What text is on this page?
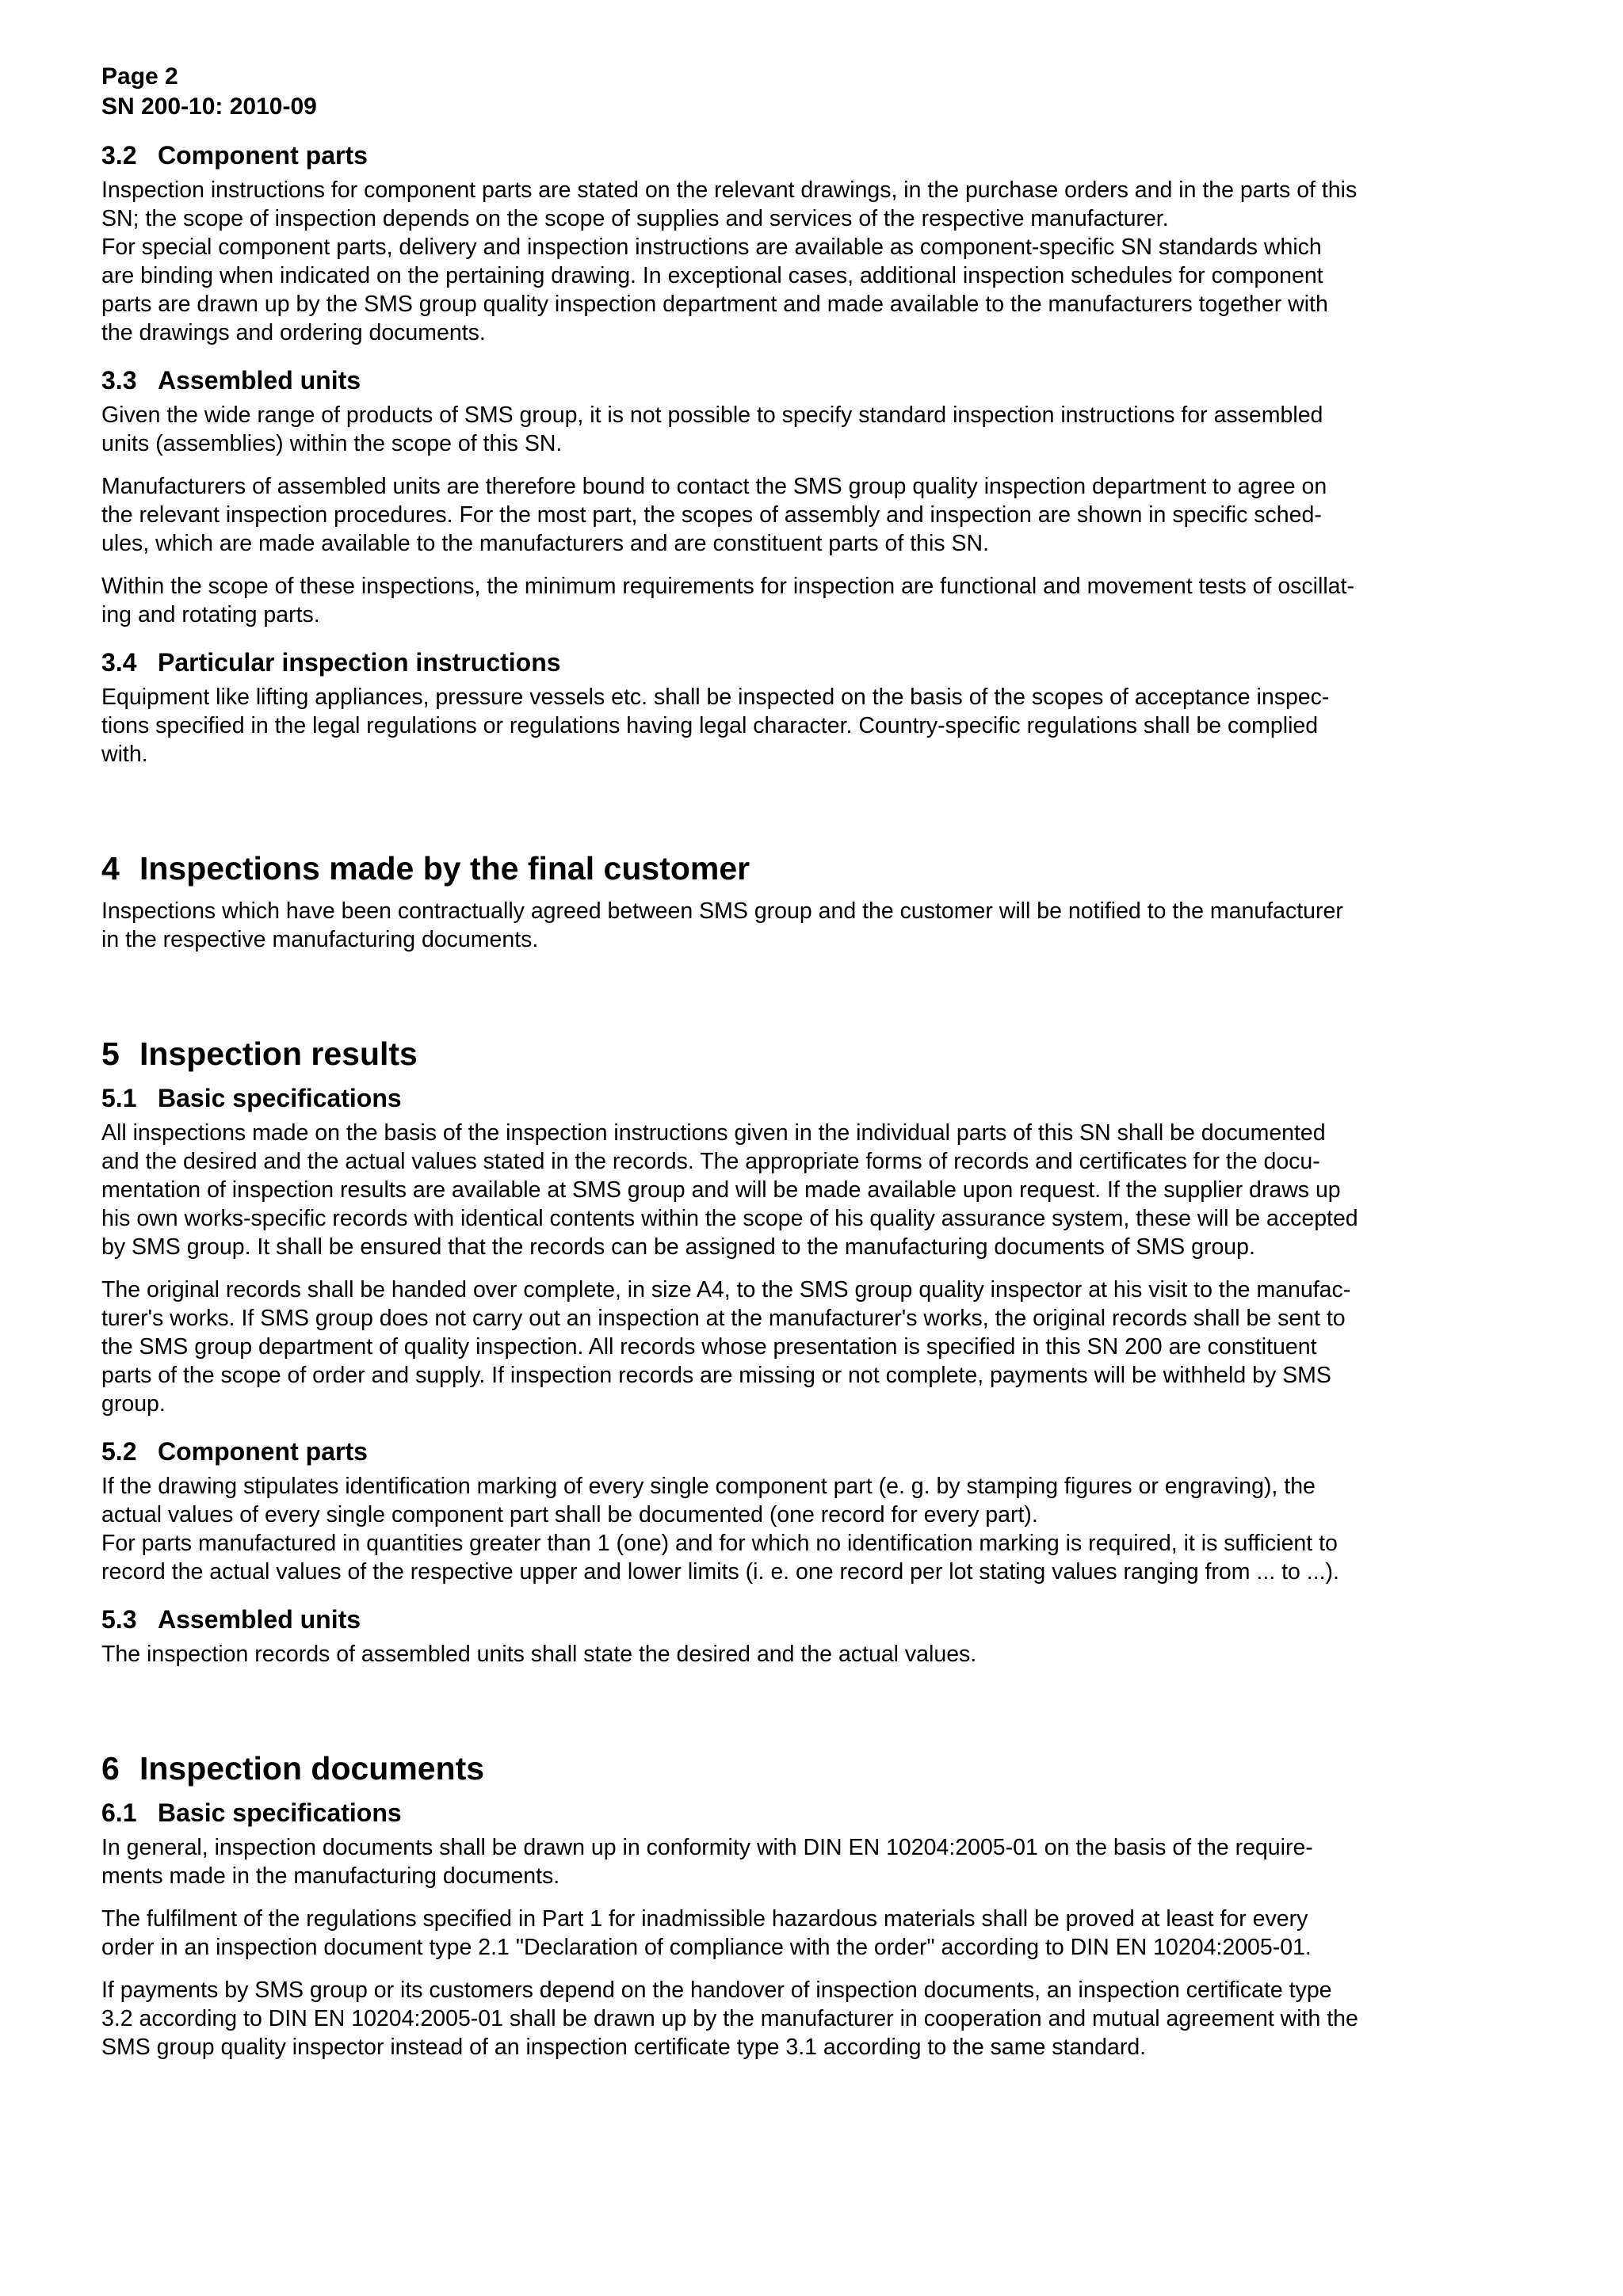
Page 2

SN 200-10: 2010-09

3.2 Component parts

Inspection instructions for component parts are stated on the relevant drawings, in the purchase orders and in the parts of this
SN; the scope of inspection depends on the scope of supplies and services of the respective manufacturer.
For special component parts, delivery and inspection instructions are available as component-specific SN standards which
are binding when indicated on the pertaining drawing. In exceptional cases, additional inspection schedules for component
parts are drawn up by the SMS group quality inspection department and made available to the manufacturers together with
the drawings and ordering documents.

3.3 Assembled units

Given the wide range of products of SMS group, it is not possible to specify standard inspection instructions for assembled
units (assemblies) within the scope of this SN.

Manufacturers of assembled units are therefore bound to contact the SMS group quality inspection department to agree on
the relevant inspection procedures. For the most part, the scopes of assembly and inspection are shown in specific sched-
ules, which are made available to the manufacturers and are constituent parts of this SN.

Within the scope of these inspections, the minimum requirements for inspection are functional and movement tests of oscillat-
ing and rotating parts.

3.4 Particular inspection instructions

Equipment like lifting appliances, pressure vessels etc. shall be inspected on the basis of the scopes of acceptance inspec-
tions specified in the legal regulations or regulations having legal character. Country-specific regulations shall be complied
with.

4 Inspections made by the final customer

Inspections which have been contractually agreed between SMS group and the customer will be notified to the manufacturer
in the respective manufacturing documents.

5 Inspection results
5.1 Basic specifications

All inspections made on the basis of the inspection instructions given in the individual parts of this SN shall be documented
and the desired and the actual values stated in the records. The appropriate forms of records and certificates for the docu-
mentation of inspection results are available at SMS group and will be made available upon request. If the supplier draws up
his own works-specific records with identical contents within the scope of his quality assurance system, these will be accepted
by SMS group. It shall be ensured that the records can be assigned to the manufacturing documents of SMS group.

The original records shall be handed over complete, in size A4, to the SMS group quality inspector at his visit to the manufac-
turer's works. If SMS group does not carry out an inspection at the manufacturer's works, the original records shall be sent to
the SMS group department of quality inspection. All records whose presentation is specified in this SN 200 are constituent
parts of the scope of order and supply. If inspection records are missing or not complete, payments will be withheld by SMS
group.

5.2 Component parts

If the drawing stipulates identification marking of every single component part (e. g. by stamping figures or engraving), the
actual values of every single component part shall be documented (one record for every part).
For parts manufactured in quantities greater than 1 (one) and for which no identification marking is required, it is sufficient to
record the actual values of the respective upper and lower limits (i. e. one record per lot stating values ranging from ... to ...).

5.3 Assembled units

The inspection records of assembled units shall state the desired and the actual values.

6 Inspection documents
6.1 Basic specifications

In general, inspection documents shall be drawn up in conformity with DIN EN 10204:2005-01 on the basis of the require-
ments made in the manufacturing documents.

The fulfilment of the regulations specified in Part 1 for inadmissible hazardous materials shall be proved at least for every
order in an inspection document type 2.1 "Declaration of compliance with the order" according to DIN EN 10204:2005-01.

If payments by SMS group or its customers depend on the handover of inspection documents, an inspection certificate type
3.2 according to DIN EN 10204:2005-01 shall be drawn up by the manufacturer in cooperation and mutual agreement with the
SMS group quality inspector instead of an inspection certificate type 3.1 according to the same standard.
